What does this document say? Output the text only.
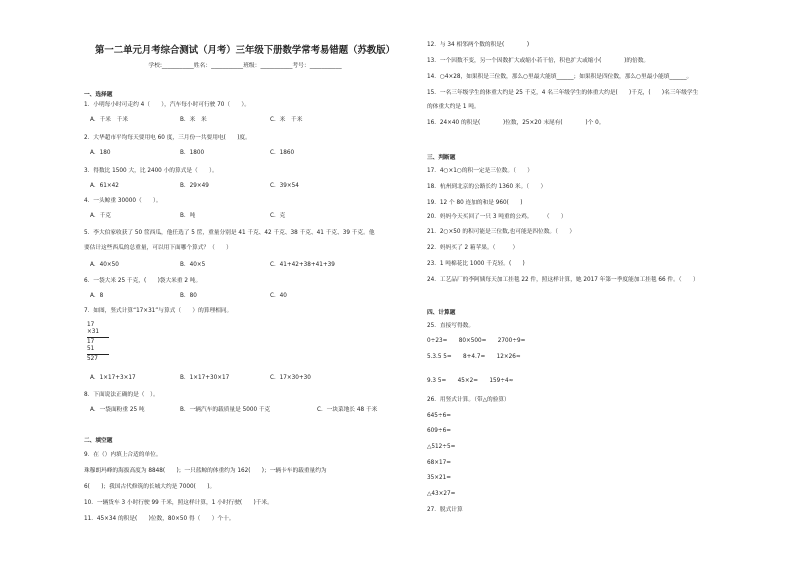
第一二单元月考综合测试（月考）三年级下册数学常考易错题（苏教版）
学校:___________姓名：___________班级：___________考号：___________
一、选择题
1．小明每小时可走约 4（　　），汽车每小时可行驶 70（　　）。
A．千米　千米	B．米　米	C．米　千米
2．大华超市平均每天要用电 60 度，三月份一共要用电(　　)度。
A．180	B．1800	C．1860
3．得数比 1500 大，比 2400 小的算式是（　　）。
A．61×42	B．29×49	C．39×54
4．一头鲸重 30000（　　）。
A．千克	B．吨	C．克
5．李大伯家收获了 50 筐西瓜，他任选了 5 筐，重量分别是 41 千克、42 千克、38 千克、41 千克、39 千克。他
要估计这些西瓜的总重量，可以用下面哪个算式？（　　）
A．40×50	B．40×5	C．41+42+38+41+39
6．一袋大米 25 千克，(　　)袋大米重 2 吨。
A．8	B．80	C．40
7．如图，竖式计算“17×31”与算式（　　）的算理相同。
17
×31
17
51
527
A．1×17+3×17	B．1×17+30×17	C．17×30+30
8．下面说法正确的是（　）。
A．一袋面粉重 25 吨	B．一辆汽车的载质量是 5000 千克	C．一块菜地长 48 千米
二、填空题
9．在（）内填上合适的单位。
珠穆朗玛峰的海拔高度为 8848(　　)；一只蓝鲸的体重约为 162(　　)；一辆卡车的载重量约为
6(　　)；我国古代修筑的长城大约是 7000(　　)。
10．一辆货车 3 小时行驶 99 千米，照这样计算，1 小时行驶(　　)千米。
11．45×34 的积是(　　)位数，80×50 得（　　）个十。
12．与 34 相邻两个数的积是(　　　　)
13．一个因数不变，另一个因数扩大或缩小若干倍，积也扩大或缩小(　　　　)的倍数。
14．○4×28，如果积是三位数，那么○里最大能填______；如果积是四位数，那么○里最小能填______。
15．一名三年级学生的体重大约是 25 千克，4 名三年级学生的体重大约是(　　)千克，(　　)名三年级学生
的体重大约是 1 吨。
16．24×40 的积是(　　　　)位数，25×20 末尾有(　　　　)个 0。
三、判断题
17．4○×1○的积一定是三位数。（　　）
18．杭州到北京的公路长约 1360 米。（　　）
19．12 个 80 连加的和是 960(　　)
20．妈妈今天买回了一只 3 吨重的公鸡。　　　（　　）
21．2○×50 的积可能是三位数,也可能是四位数。（　　）
22．妈妈买了 2 箱苹果。（　　　）
23．1 吨棉花比 1000 千克轻。(　　)
24．工艺品厂的李阿姨每天加工挂毯 22 件，照这样计算，她 2017 年第一季度能加工挂毯 66 件。（　　）
四、计算题
25．直接写得数。
0÷23=　　80×500=　　2700÷9=
5.3.5 5=　　8+4.7=　　12×26≈
9.3 5=　　45×2=　　159÷4≈
26．用竖式计算。（带△的验算）
645÷6=
609÷6=
△512÷5=
68×17=
35×21=
△43×27=
27．脱式计算
